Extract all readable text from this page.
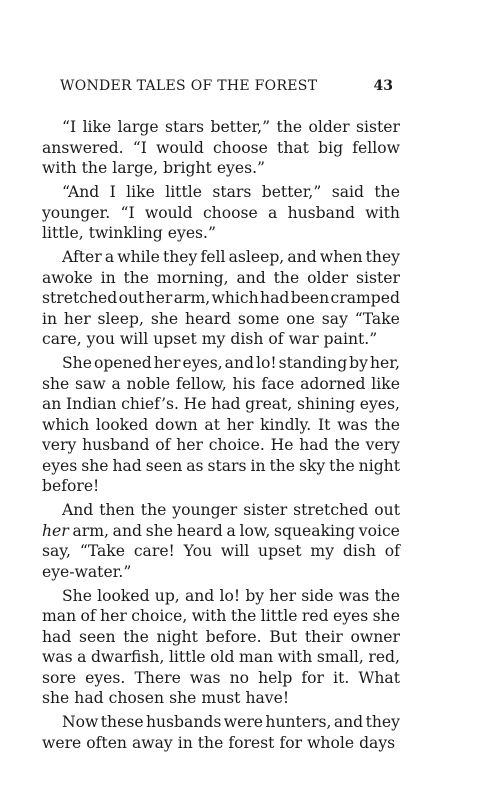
WONDER TALES OF THE FOREST	43
“I like large stars better,” the older sister
answered. “I would choose that big fellow
with the large, bright eyes.”
“And I like little stars better,” said the
younger. “I would choose a husband with
little, twinkling eyes.”
After a while they fell asleep, and when they
awoke in the morning, and the older sister
stretched out her arm, which had been cramped
in her sleep, she heard some one say “Take
care, you will upset my dish of war paint.”
She opened her eyes, and lo! standing by her,
she saw a noble fellow, his face adorned like
an Indian chief’s. He had great, shining eyes,
which looked down at her kindly. It was the
very husband of her choice. He had the very
eyes she had seen as stars in the sky the night
before!
And then the younger sister stretched out
her arm, and she heard a low, squeaking voice
say, “Take care! You will upset my dish of
eye-water.”
She looked up, and lo! by her side was the
man of her choice, with the little red eyes she
had seen the night before. But their owner
was a dwarfish, little old man with small, red,
sore eyes. There was no help for it. What
she had chosen she must have!
Now these husbands were hunters, and they
were often away in the forest for whole days
